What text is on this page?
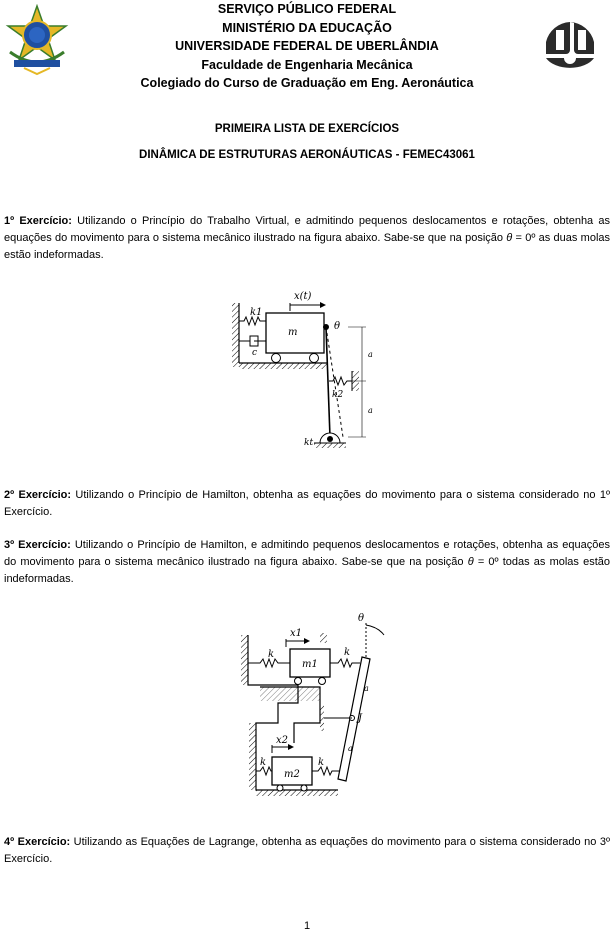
SERVIÇO PÚBLICO FEDERAL
MINISTÉRIO DA EDUCAÇÃO
UNIVERSIDADE FEDERAL DE UBERLÂNDIA
Faculdade de Engenharia Mecânica
Colegiado do Curso de Graduação em Eng. Aeronáutica
PRIMEIRA LISTA DE EXERCÍCIOS
DINÂMICA DE ESTRUTURAS AERONÁUTICAS - FEMEC43061
1º Exercício: Utilizando o Princípio do Trabalho Virtual, e admitindo pequenos deslocamentos e rotações, obtenha as equações do movimento para o sistema mecânico ilustrado na figura abaixo. Sabe-se que na posição θ = 0º as duas molas estão indeformadas.
x(t)
k1
m
c
θ
a
k2
a
kt
2º Exercício: Utilizando o Princípio de Hamilton, obtenha as equações do movimento para o sistema considerado no 1º Exercício.
3º Exercício: Utilizando o Princípio de Hamilton, e admitindo pequenos deslocamentos e rotações, obtenha as equações do movimento para o sistema mecânico ilustrado na figura abaixo. Sabe-se que na posição θ = 0º todas as molas estão indeformadas.
θ
x1
k
m1
k
a
J
a
x2
k
m2
k
4º Exercício: Utilizando as Equações de Lagrange, obtenha as equações do movimento para o sistema considerado no 3º Exercício.
1
